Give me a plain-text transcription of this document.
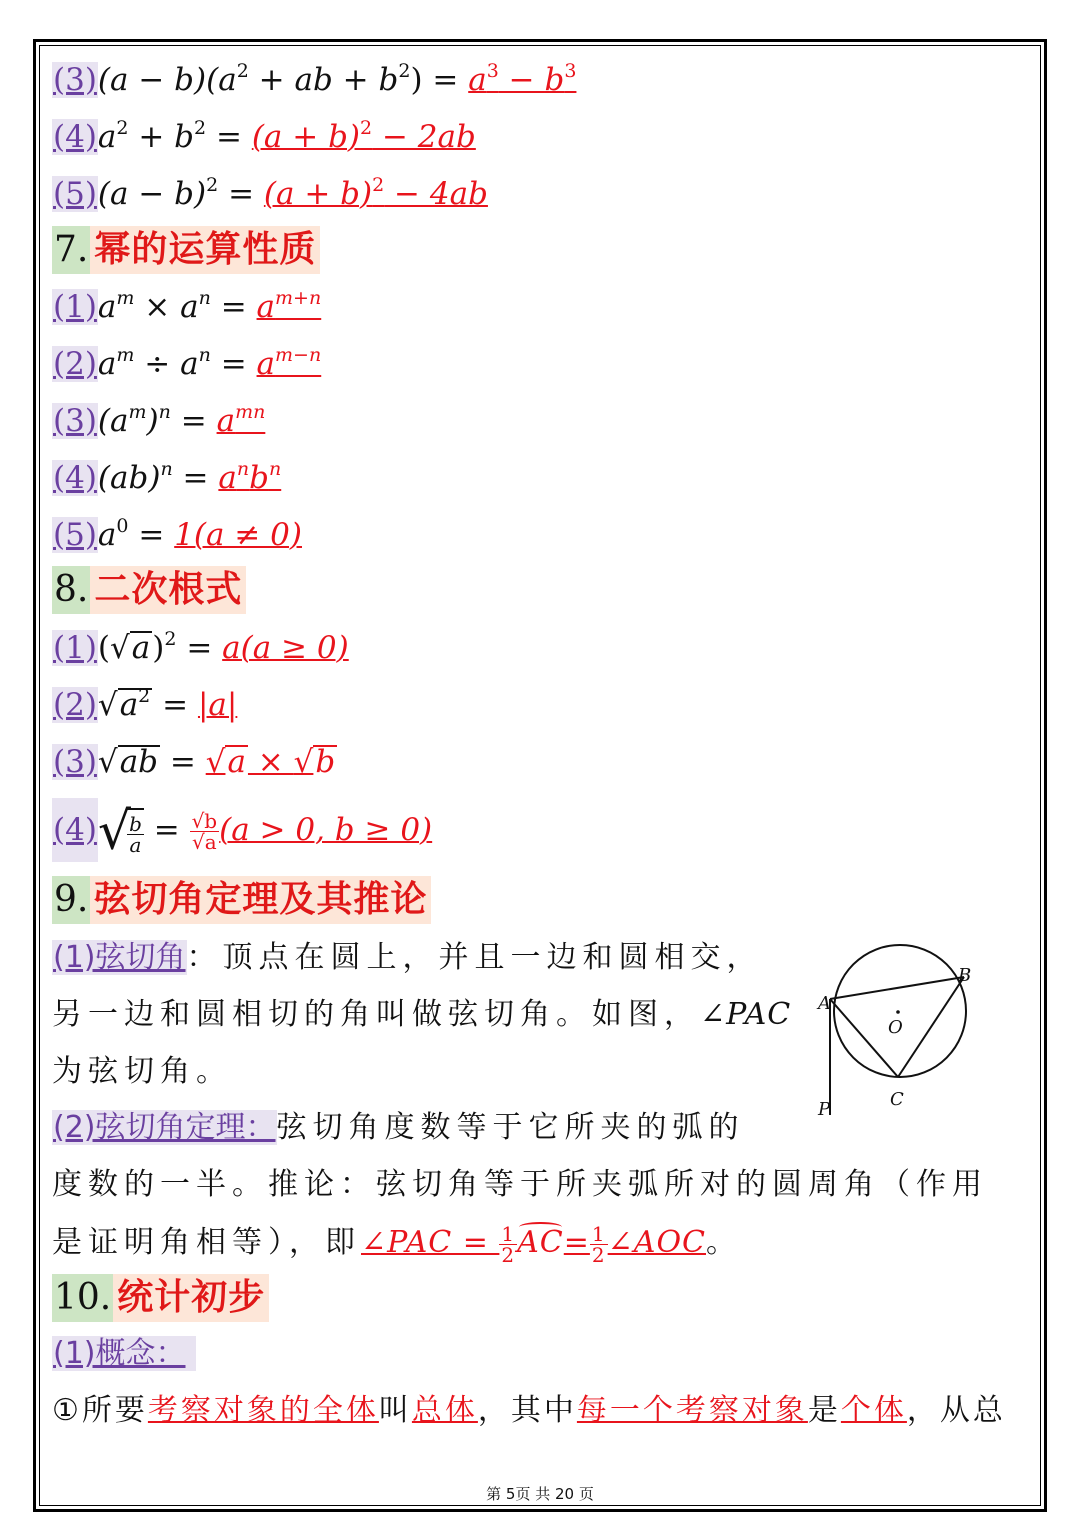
$(3)(a - b)(a^2$ + ab + $b^2) = a^3 - b^3$
$(4)a^2 + b^2 = (a + b)^2 - 2ab$
$(5)(a - b)^2 = (a + b)^2 - 4ab$
7. 幂的运算性质
$(1)a^m \times a^n = a^{m+n}$
$(2)a^m \div a^n = a^{m-n}$
$(3)(a^m)^n = a^{mn}$
$(4)(ab)^n = a^nb^n$
$(5)a^0 = 1(a \ne 0)$
8. 二次根式
$(1)(√a)^2 = a(a \ge 0)$
$(2)√a^2 = |a|$
(3)√ab = √a × √b
(4)√
$\frac{b}{a} = \frac{√b}{√a} (a > 0$, b ≥ 0)
9. 弦切角定理及其推论
(1)弦切角：顶点在圆上，并且一边和圆相交，
另一边和圆相切的角叫做弦切角。如图，∠PAC
为弦切角。
A
B
C
O
P
(2)弦切角定理：弦切角度数等于它所夹的弧的
度数的一半。推论：弦切角等于所夹弧所对的圆周角（作用
是证明角相等），即∠PAC = $\frac{1}{2} AC= \frac{1}{2}$ ∠AOC。
10. 统计初步
(1)概念：
①所要考察对象的全体叫总体，其中每一个考察对象是个体，从总
第 5页 共 20 页
